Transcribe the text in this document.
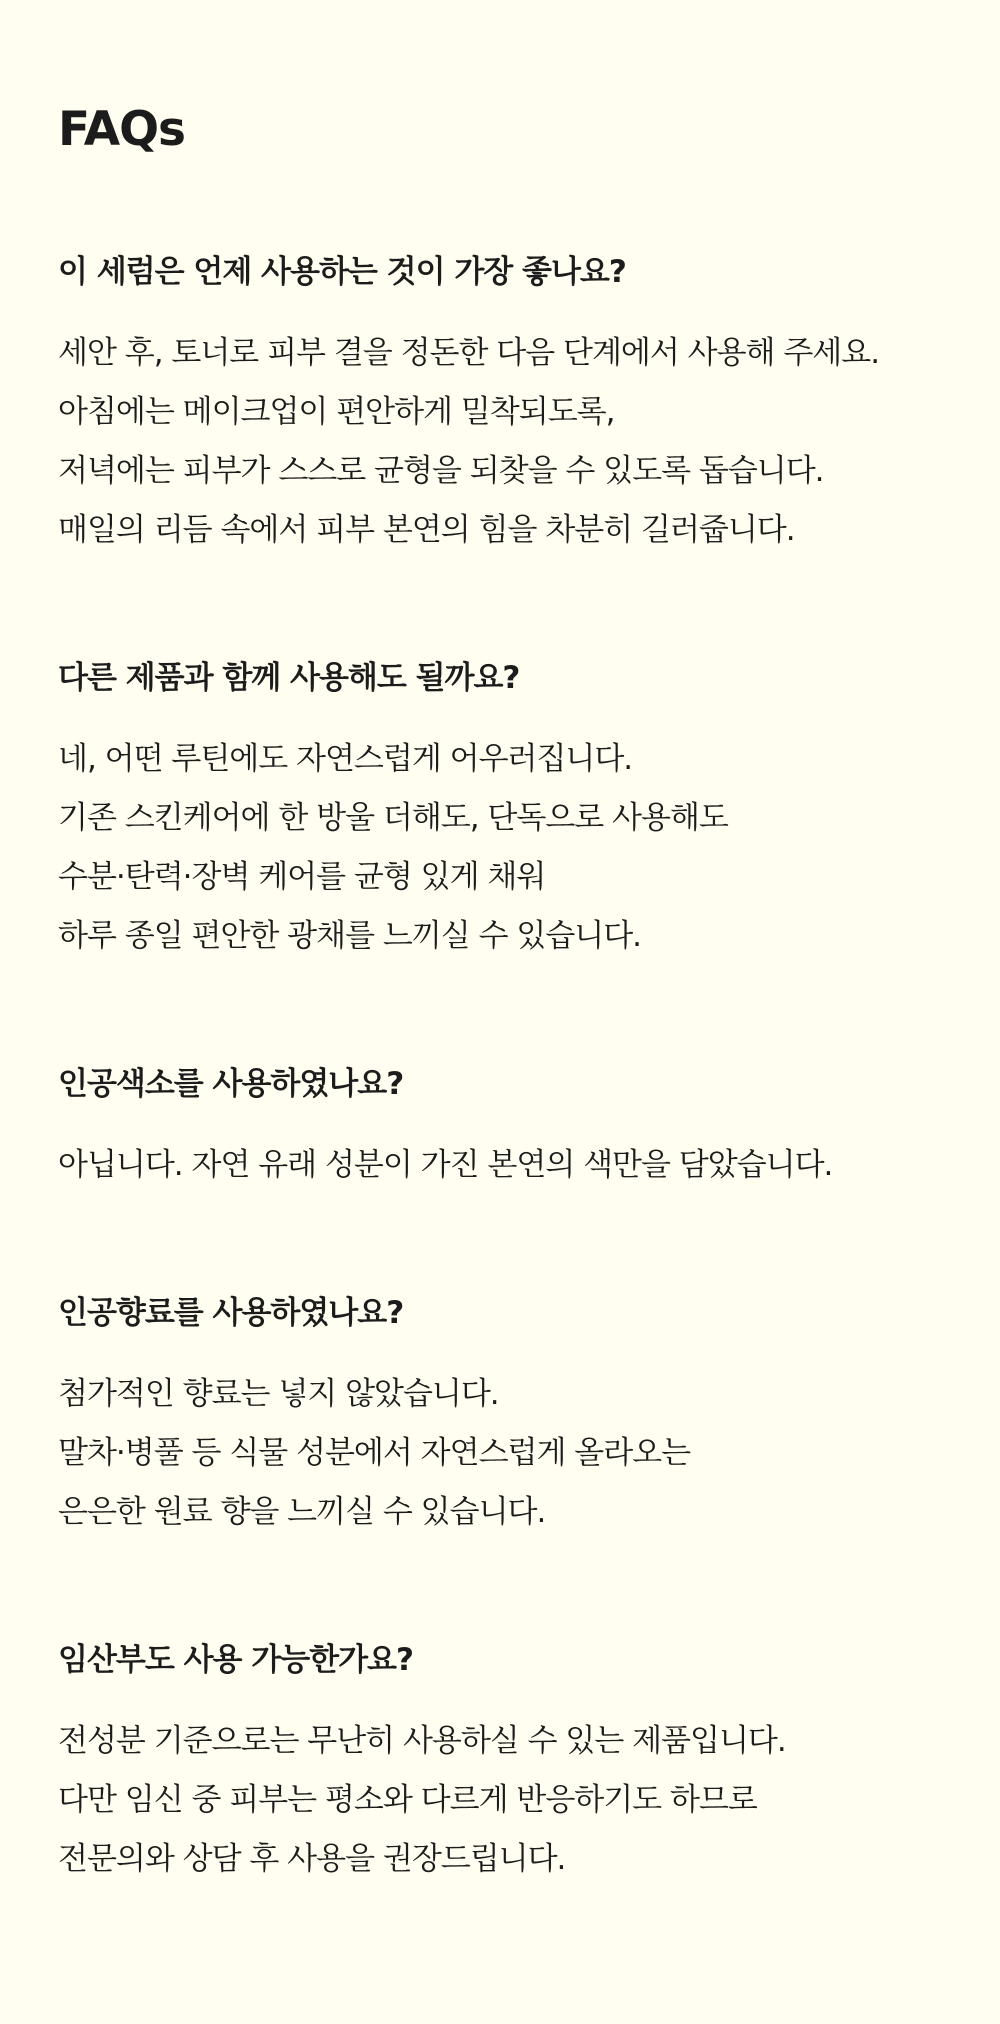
FAQs
이 세럼은 언제 사용하는 것이 가장 좋나요?

세안 후, 토너로 피부 결을 정돈한 다음 단계에서 사용해 주세요.
아침에는 메이크업이 편안하게 밀착되도록,
저녁에는 피부가 스스로 균형을 되찾을 수 있도록 돕습니다.
매일의 리듬 속에서 피부 본연의 힘을 차분히 길러줍니다.

다른 제품과 함께 사용해도 될까요?

네, 어떤 루틴에도 자연스럽게 어우러집니다.
기존 스킨케어에 한 방울 더해도, 단독으로 사용해도
수분·탄력·장벽 케어를 균형 있게 채워
하루 종일 편안한 광채를 느끼실 수 있습니다.

인공색소를 사용하였나요?

아닙니다. 자연 유래 성분이 가진 본연의 색만을 담았습니다.

인공향료를 사용하였나요?

첨가적인 향료는 넣지 않았습니다.
말차·병풀 등 식물 성분에서 자연스럽게 올라오는
은은한 원료 향을 느끼실 수 있습니다.

임산부도 사용 가능한가요?

전성분 기준으로는 무난히 사용하실 수 있는 제품입니다.
다만 임신 중 피부는 평소와 다르게 반응하기도 하므로
전문의와 상담 후 사용을 권장드립니다.
